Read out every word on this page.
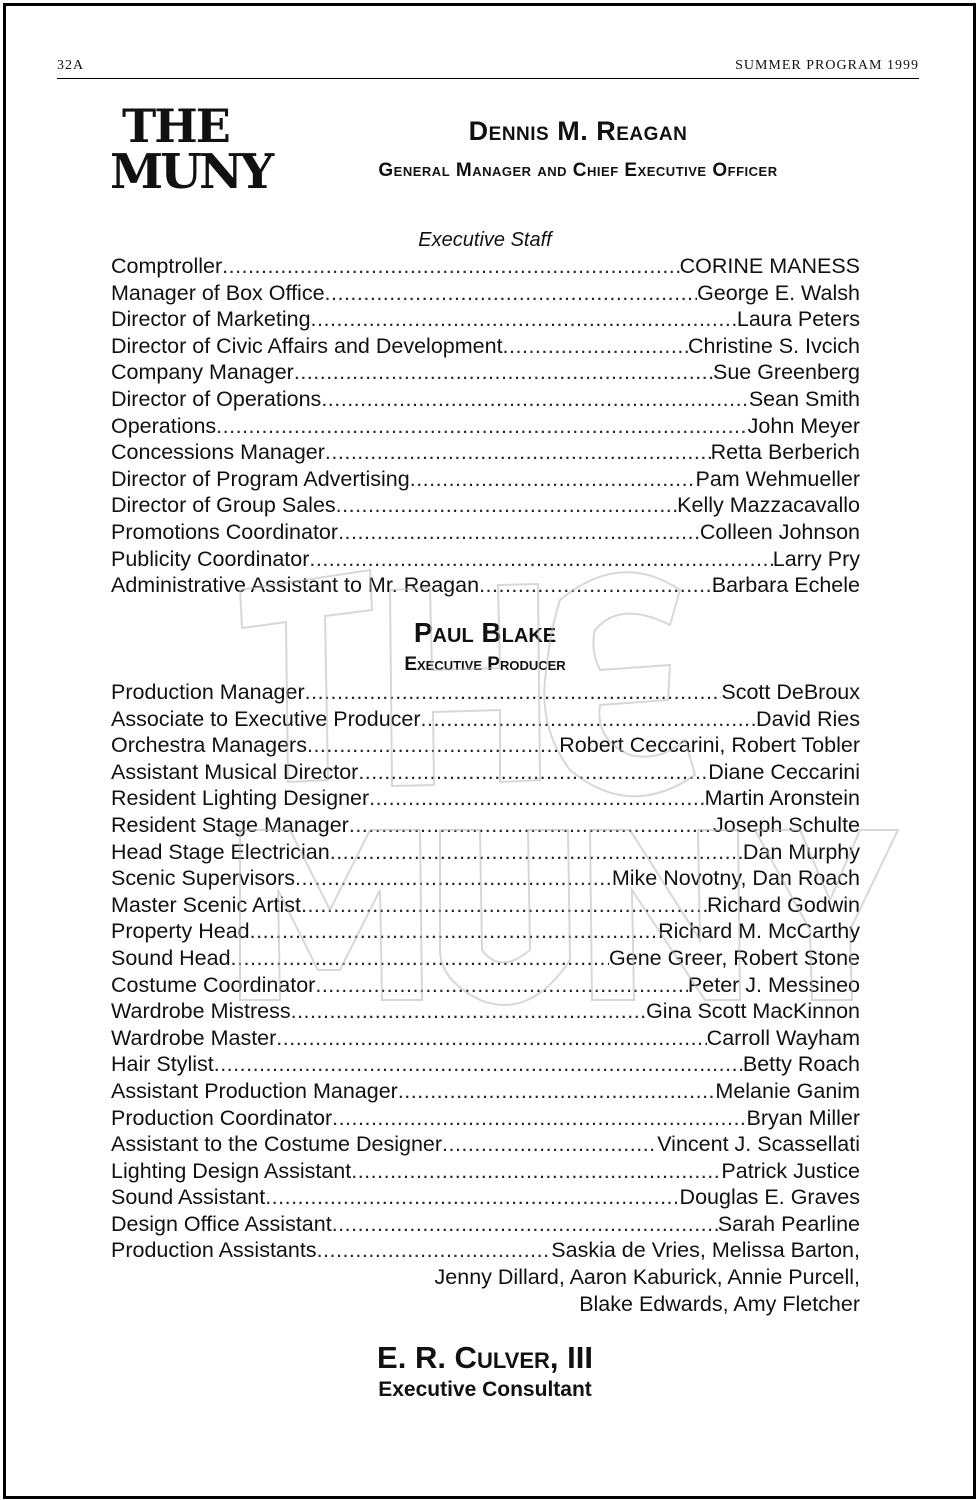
32A	SUMMER PROGRAM 1999
THE
MUNY
Dennis M. Reagan
General Manager and Chief Executive Officer
Executive Staff
Comptroller .....	CORINE MANESS
Manager of Box Office .....	George E. Walsh
Director of Marketing .....	Laura Peters
Director of Civic Affairs and Development .....	Christine S. Ivcich
Company Manager .....	Sue Greenberg
Director of Operations .....	Sean Smith
Operations .....	John Meyer
Concessions Manager .....	Retta Berberich
Director of Program Advertising .....	Pam Wehmueller
Director of Group Sales .....	Kelly Mazzacavallo
Promotions Coordinator .....	Colleen Johnson
Publicity Coordinator .....	Larry Pry
Administrative Assistant to Mr. Reagan .....	Barbara Echele
Paul Blake
Executive Producer
Production Manager .....	Scott DeBroux
Associate to Executive Producer .....	David Ries
Orchestra Managers .....	Robert Ceccarini, Robert Tobler
Assistant Musical Director .....	Diane Ceccarini
Resident Lighting Designer .....	Martin Aronstein
Resident Stage Manager .....	Joseph Schulte
Head Stage Electrician .....	Dan Murphy
Scenic Supervisors .....	Mike Novotny, Dan Roach
Master Scenic Artist .....	Richard Godwin
Property Head .....	Richard M. McCarthy
Sound Head .....	Gene Greer, Robert Stone
Costume Coordinator .....	Peter J. Messineo
Wardrobe Mistress .....	Gina Scott MacKinnon
Wardrobe Master .....	Carroll Wayham
Hair Stylist .....	Betty Roach
Assistant Production Manager .....	Melanie Ganim
Production Coordinator .....	Bryan Miller
Assistant to the Costume Designer .....	Vincent J. Scassellati
Lighting Design Assistant .....	Patrick Justice
Sound Assistant .....	Douglas E. Graves
Design Office Assistant .....	Sarah Pearline
Production Assistants .....	Saskia de Vries, Melissa Barton,
Jenny Dillard, Aaron Kaburick, Annie Purcell,
Blake Edwards, Amy Fletcher
E. R. Culver, III
Executive Consultant
